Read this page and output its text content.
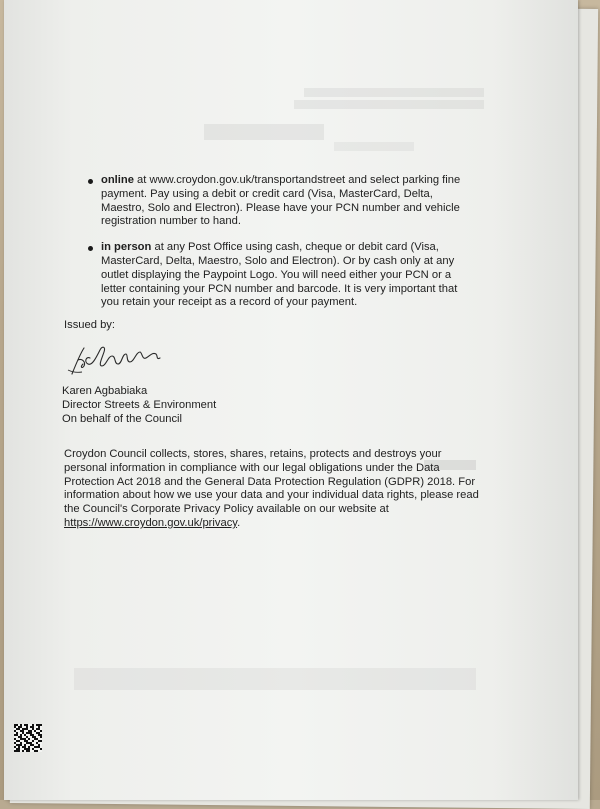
online at www.croydon.gov.uk/transportandstreet and select parking fine payment. Pay using a debit or credit card (Visa, MasterCard, Delta, Maestro, Solo and Electron). Please have your PCN number and vehicle registration number to hand.
in person at any Post Office using cash, cheque or debit card (Visa, MasterCard, Delta, Maestro, Solo and Electron). Or by cash only at any outlet displaying the Paypoint Logo. You will need either your PCN or a letter containing your PCN number and barcode. It is very important that you retain your receipt as a record of your payment.
Issued by:
Karen Agbabiaka
Director Streets & Environment
On behalf of the Council
Croydon Council collects, stores, shares, retains, protects and destroys your personal information in compliance with our legal obligations under the Data Protection Act 2018 and the General Data Protection Regulation (GDPR) 2018. For information about how we use your data and your individual data rights, please read the Council's Corporate Privacy Policy available on our website at https://www.croydon.gov.uk/privacy.
